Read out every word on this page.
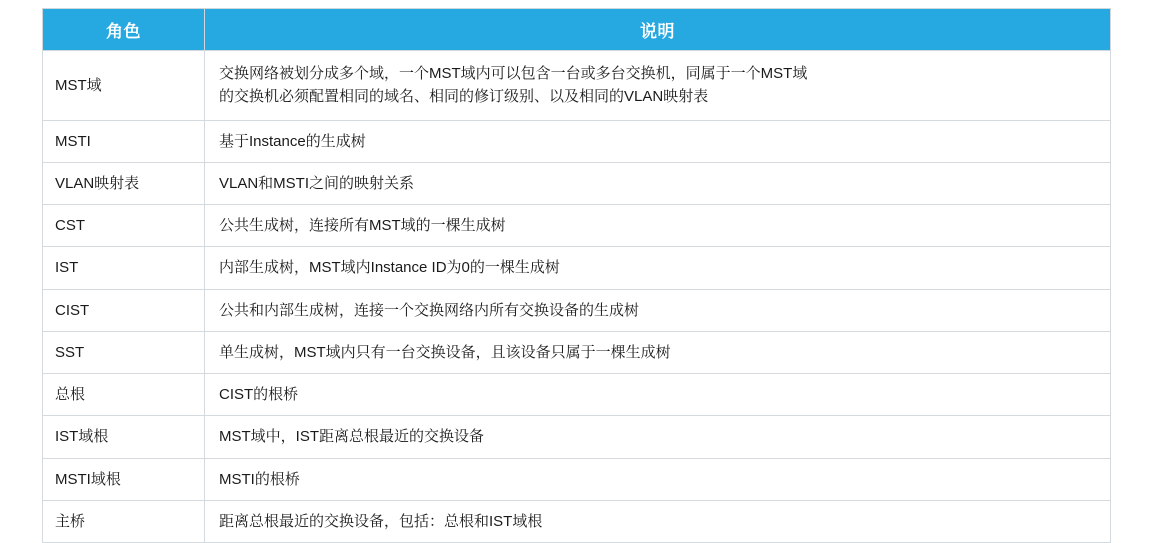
角色	说明
MST域	交换网络被划分成多个域，一个MST域内可以包含一台或多台交换机，同属于一个MST域
的交换机必须配置相同的域名、相同的修订级别、以及相同的VLAN映射表

MSTI	基于Instance的生成树

VLAN映射表	VLAN和MSTI之间的映射关系

CST	公共生成树，连接所有MST域的一棵生成树

IST	内部生成树，MST域内Instance ID为0的一棵生成树

CIST	公共和内部生成树，连接一个交换网络内所有交换设备的生成树

SST	单生成树，MST域内只有一台交换设备，且该设备只属于一棵生成树

总根	CIST的根桥

IST域根	MST域中，IST距离总根最近的交换设备

MSTI域根	MSTI的根桥

主桥	距离总根最近的交换设备，包括：总根和IST域根
